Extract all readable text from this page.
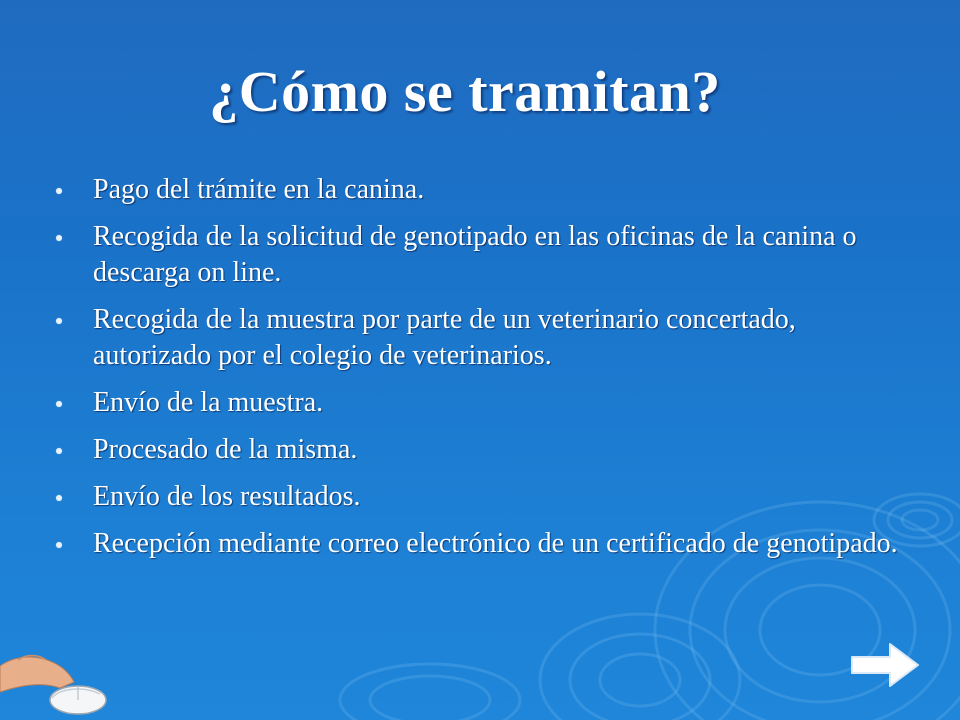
¿Cómo se tramitan?
Pago del trámite en la canina.
Recogida de la solicitud de genotipado en las oficinas de la canina o descarga on line.
Recogida de la muestra por parte de un veterinario concertado, autorizado por el colegio de veterinarios.
Envío de la muestra.
Procesado de la misma.
Envío de los resultados.
Recepción mediante correo electrónico de un certificado de genotipado.
